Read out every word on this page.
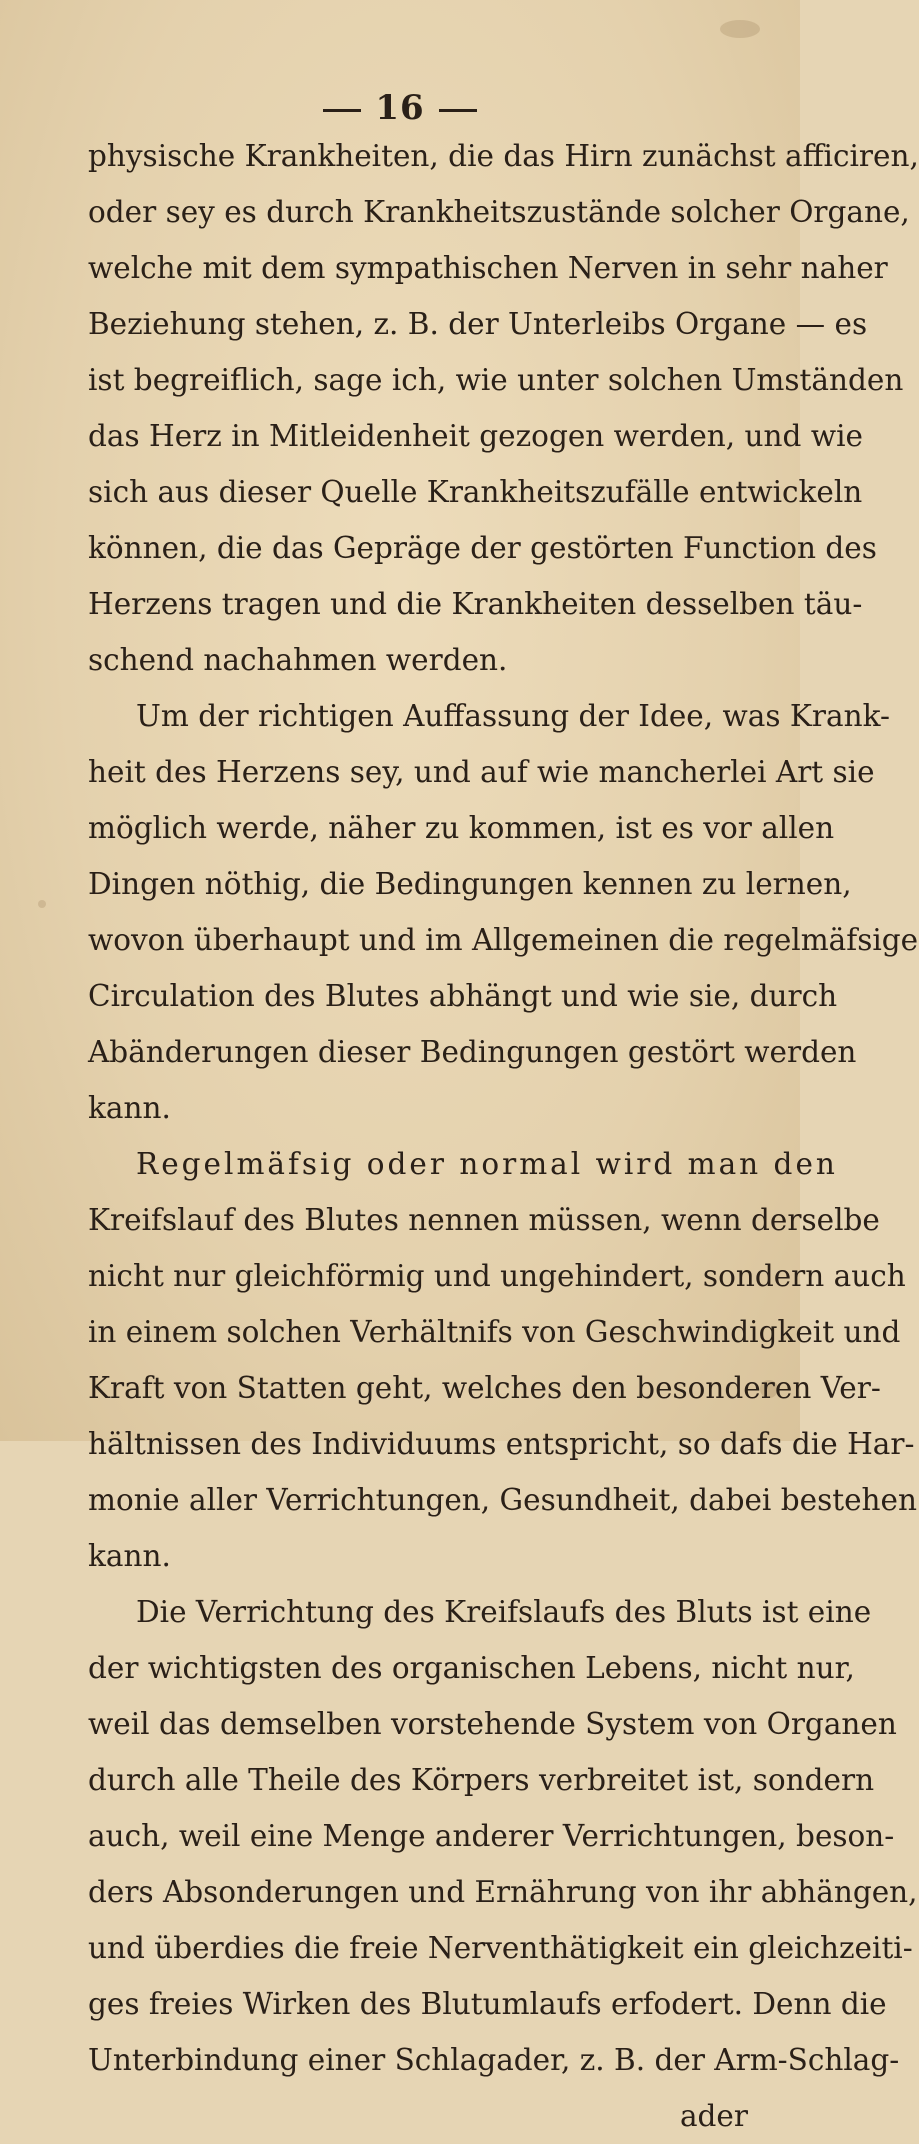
16
physische Krankheiten, die das Hirn zunächst afficiren,
oder sey es durch Krankheitszustände solcher Organe,
welche mit dem sympathischen Nerven in sehr naher
Beziehung stehen, z. B. der Unterleibs Organe — es
ist begreiflich, sage ich, wie unter solchen Umständen
das Herz in Mitleidenheit gezogen werden, und wie
sich aus dieser Quelle Krankheitszufälle entwickeln
können, die das Gepräge der gestörten Function des
Herzens tragen und die Krankheiten desselben täu-
schend nachahmen werden.
Um der richtigen Auffassung der Idee, was Krank-
heit des Herzens sey, und auf wie mancherlei Art sie
möglich werde, näher zu kommen, ist es vor allen
Dingen nöthig, die Bedingungen kennen zu lernen,
wovon überhaupt und im Allgemeinen die regelmäfsige
Circulation des Blutes abhängt und wie sie, durch
Abänderungen dieser Bedingungen gestört werden
kann.
Regelmäfsig oder normal wird man den
Kreifslauf des Blutes nennen müssen, wenn derselbe
nicht nur gleichförmig und ungehindert, sondern auch
in einem solchen Verhältnifs von Geschwindigkeit und
Kraft von Statten geht, welches den besonderen Ver-
hältnissen des Individuums entspricht, so dafs die Har-
monie aller Verrichtungen, Gesundheit, dabei bestehen
kann.
Die Verrichtung des Kreifslaufs des Bluts ist eine
der wichtigsten des organischen Lebens, nicht nur,
weil das demselben vorstehende System von Organen
durch alle Theile des Körpers verbreitet ist, sondern
auch, weil eine Menge anderer Verrichtungen, beson-
ders Absonderungen und Ernährung von ihr abhängen,
und überdies die freie Nerventhätigkeit ein gleichzeiti-
ges freies Wirken des Blutumlaufs erfodert. Denn die
Unterbindung einer Schlagader, z. B. der Arm-Schlag-
ader
